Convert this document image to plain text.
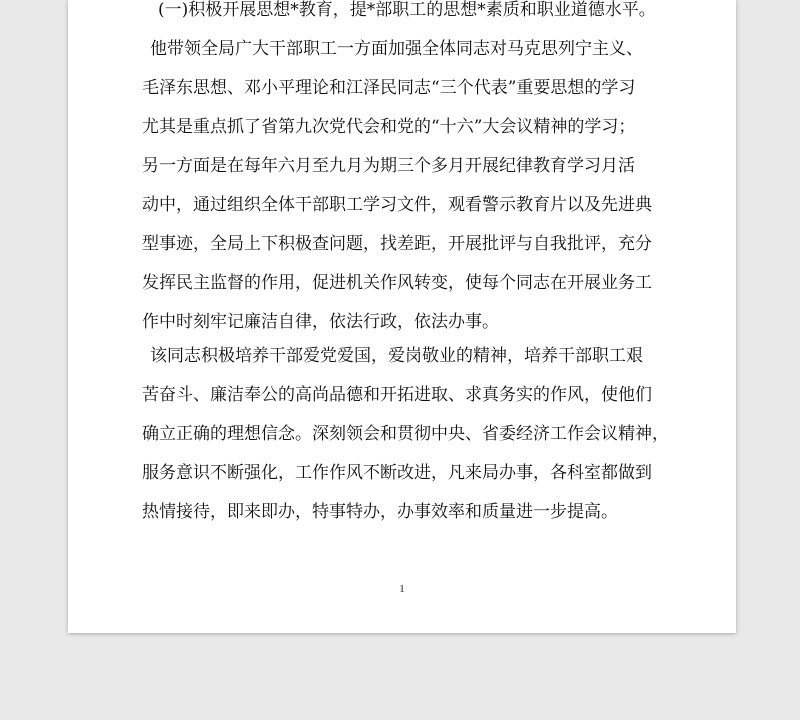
(一)积极开展思想*教育，提*部职工的思想*素质和职业道德水平。
他带领全局广大干部职工一方面加强全体同志对马克思列宁主义、
毛泽东思想、邓小平理论和江泽民同志“三个代表”重要思想的学习
尤其是重点抓了省第九次党代会和党的“十六”大会议精神的学习；
另一方面是在每年六月至九月为期三个多月开展纪律教育学习月活
动中，通过组织全体干部职工学习文件，观看警示教育片以及先进典
型事迹，全局上下积极查问题，找差距，开展批评与自我批评，充分
发挥民主监督的作用，促进机关作风转变，使每个同志在开展业务工
作中时刻牢记廉洁自律，依法行政，依法办事。
该同志积极培养干部爱党爱国，爱岗敬业的精神，培养干部职工艰
苦奋斗、廉洁奉公的高尚品德和开拓进取、求真务实的作风，使他们
确立正确的理想信念。深刻领会和贯彻中央、省委经济工作会议精神，
服务意识不断强化，工作作风不断改进，凡来局办事，各科室都做到
热情接待，即来即办，特事特办，办事效率和质量进一步提高。
1
